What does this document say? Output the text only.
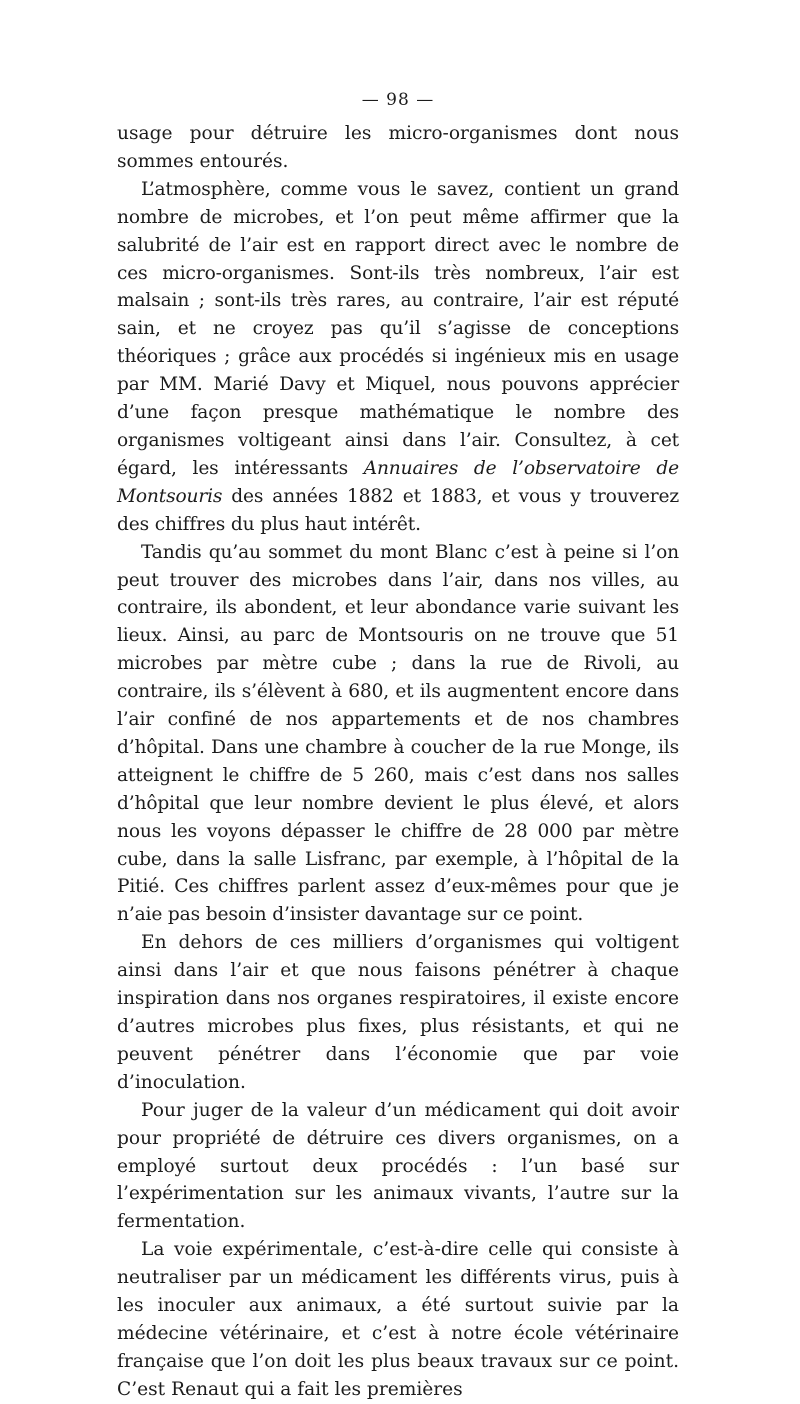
— 98 —

usage pour détruire les micro-organismes dont nous sommes entourés.

L’atmosphère, comme vous le savez, contient un grand nombre de microbes, et l’on peut même affirmer que la salubrité de l’air est en rapport direct avec le nombre de ces micro-organismes. Sont-ils très nombreux, l’air est malsain ; sont-ils très rares, au contraire, l’air est réputé sain, et ne croyez pas qu’il s’agisse de conceptions théoriques ; grâce aux procédés si ingénieux mis en usage par MM. Marié Davy et Miquel, nous pouvons apprécier d’une façon presque mathématique le nombre des organismes voltigeant ainsi dans l’air. Consultez, à cet égard, les intéressants Annuaires de l’observatoire de Montsouris des années 1882 et 1883, et vous y trouverez des chiffres du plus haut intérêt.

Tandis qu’au sommet du mont Blanc c’est à peine si l’on peut trouver des microbes dans l’air, dans nos villes, au contraire, ils abondent, et leur abondance varie suivant les lieux. Ainsi, au parc de Montsouris on ne trouve que 51 microbes par mètre cube ; dans la rue de Rivoli, au contraire, ils s’élèvent à 680, et ils augmentent encore dans l’air confiné de nos appartements et de nos chambres d’hôpital. Dans une chambre à coucher de la rue Monge, ils atteignent le chiffre de 5 260, mais c’est dans nos salles d’hôpital que leur nombre devient le plus élevé, et alors nous les voyons dépasser le chiffre de 28 000 par mètre cube, dans la salle Lisfranc, par exemple, à l’hôpital de la Pitié. Ces chiffres parlent assez d’eux-mêmes pour que je n’aie pas besoin d’insister davantage sur ce point.

En dehors de ces milliers d’organismes qui voltigent ainsi dans l’air et que nous faisons pénétrer à chaque inspiration dans nos organes respiratoires, il existe encore d’autres microbes plus fixes, plus résistants, et qui ne peuvent pénétrer dans l’économie que par voie d’inoculation.

Pour juger de la valeur d’un médicament qui doit avoir pour propriété de détruire ces divers organismes, on a employé surtout deux procédés : l’un basé sur l’expérimentation sur les animaux vivants, l’autre sur la fermentation.

La voie expérimentale, c’est-à-dire celle qui consiste à neutraliser par un médicament les différents virus, puis à les inoculer aux animaux, a été surtout suivie par la médecine vétérinaire, et c’est à notre école vétérinaire française que l’on doit les plus beaux travaux sur ce point. C’est Renaut qui a fait les premières
